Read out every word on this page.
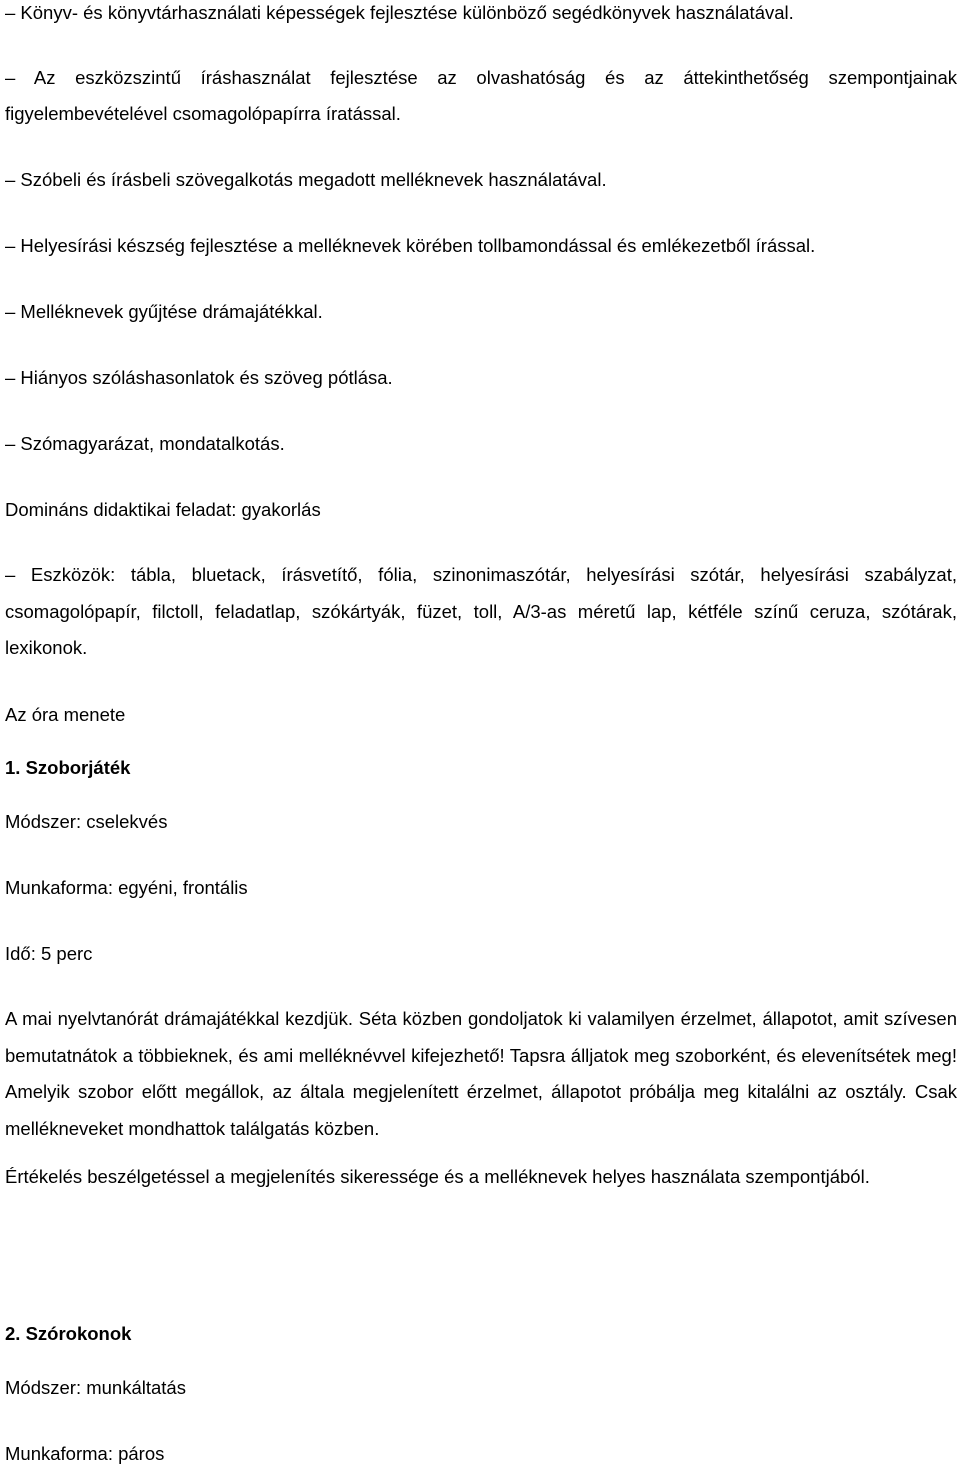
– Könyv- és könyvtárhasználati képességek fejlesztése különböző segédkönyvek használatával.
– Az eszközszintű íráshasználat fejlesztése az olvashatóság és az áttekinthetőség szempontjainak figyelembevételével csomagolópapírra íratással.
– Szóbeli és írásbeli szövegalkotás megadott melléknevek használatával.
– Helyesírási készség fejlesztése a melléknevek körében tollbamondással és emlékezetből írással.
– Melléknevek gyűjtése drámajátékkal.
– Hiányos szóláshasonlatok és szöveg pótlása.
– Szómagyarázat, mondatalkotás.
Domináns didaktikai feladat: gyakorlás
– Eszközök: tábla, bluetack, írásvetítő, fólia, szinonimaszótár, helyesírási szótár, helyesírási szabályzat, csomagolópapír, filctoll, feladatlap, szókártyák, füzet, toll, A/3-as méretű lap, kétféle színű ceruza, szótárak, lexikonok.
Az óra menete
1. Szoborjáték
Módszer: cselekvés
Munkaforma: egyéni, frontális
Idő: 5 perc
A mai nyelvtanórát drámajátékkal kezdjük. Séta közben gondoljatok ki valamilyen érzelmet, állapotot, amit szívesen bemutatnátok a többieknek, és ami melléknévvel kifejezhető! Tapsra álljatok meg szoborként, és elevenítsétek meg! Amelyik szobor előtt megállok, az általa megjelenített érzelmet, állapotot próbálja meg kitalálni az osztály. Csak mellékneveket mondhattok találgatás közben.
Értékelés beszélgetéssel a megjelenítés sikeressége és a melléknevek helyes használata szempontjából.
2. Szórokonok
Módszer: munkáltatás
Munkaforma: páros
